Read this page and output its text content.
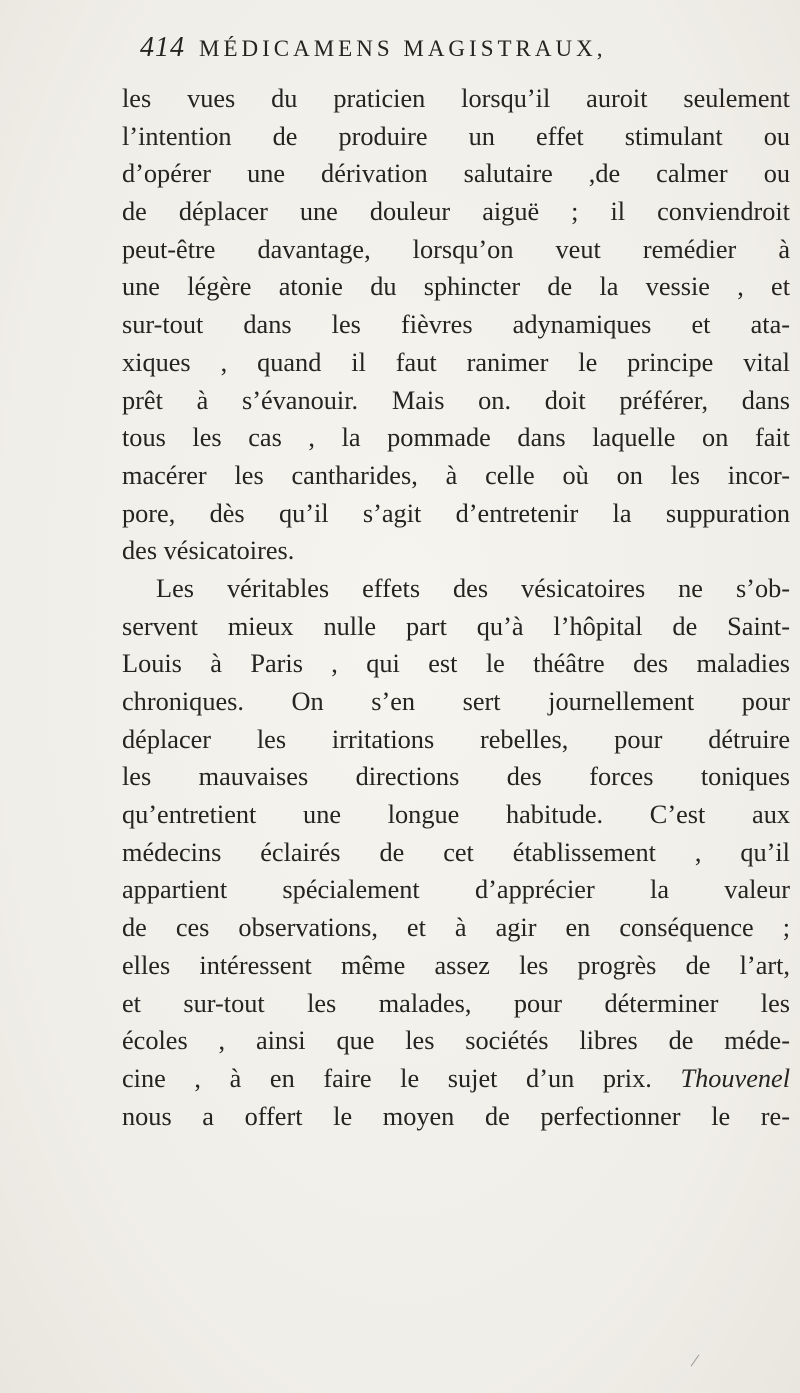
414 MÉDICAMENS MAGISTRAUX,
les vues du praticien lorsqu’il auroit seulement
l’intention de produire un effet stimulant ou
d’opérer une dérivation salutaire ,de calmer ou
de déplacer une douleur aiguë ; il conviendroit
peut-être davantage, lorsqu’on veut remédier à
une légère atonie du sphincter de la vessie , et
sur-tout dans les fièvres adynamiques et ata-
xiques , quand il faut ranimer le principe vital
prêt à s’évanouir. Mais on. doit préférer, dans
tous les cas , la pommade dans laquelle on fait
macérer les cantharides, à celle où on les incor-
pore, dès qu’il s’agit d’entretenir la suppuration
des vésicatoires.
Les véritables effets des vésicatoires ne s’ob-
servent mieux nulle part qu’à l’hôpital de Saint-
Louis à Paris , qui est le théâtre des maladies
chroniques. On s’en sert journellement pour
déplacer les irritations rebelles, pour détruire
les mauvaises directions des forces toniques
qu’entretient une longue habitude. C’est aux
médecins éclairés de cet établissement , qu’il
appartient spécialement d’apprécier la valeur
de ces observations, et à agir en conséquence ;
elles intéressent même assez les progrès de l’art,
et sur-tout les malades, pour déterminer les
écoles , ainsi que les sociétés libres de méde-
cine , à en faire le sujet d’un prix. Thouvenel
nous a offert le moyen de perfectionner le re-
